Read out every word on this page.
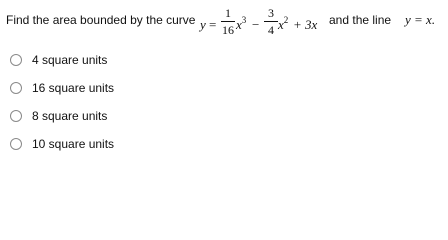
Find the area bounded by the curve y =
1
16 $x^3$ −
3
4 $x^2 + 3x$ and the line y = x.
4 square units
16 square units
8 square units
10 square units
